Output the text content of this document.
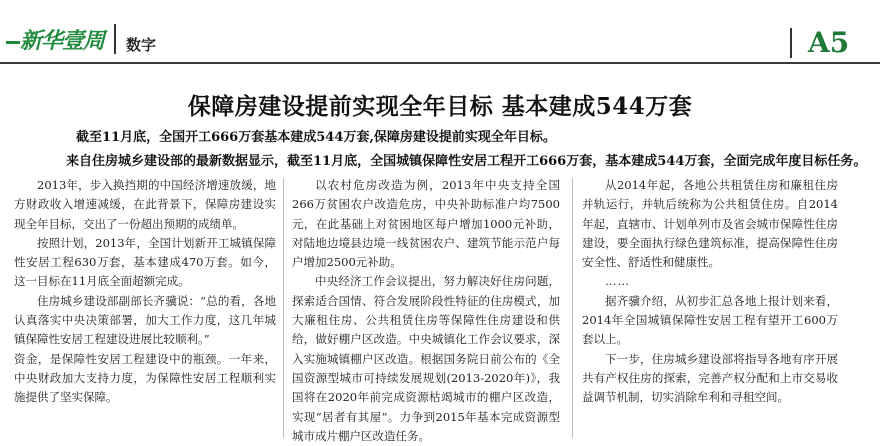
新华壹周 数字	A5
保障房建设提前实现全年目标 基本建成544万套
截至11月底，全国开工666万套基本建成544万套,保障房建设提前实现全年目标。
来自住房城乡建设部的最新数据显示，截至11月底，全国城镇保障性安居工程开工666万套，基本建成544万套，全面完成年度目标任务。

2013年，步入换挡期的中国经济增速放缓，地方财政收入增速减缓，在此背景下，保障房建设实现全年目标，交出了一份超出预期的成绩单。

按照计划，2013年，全国计划新开工城镇保障性安居工程630万套，基本建成470万套。如今，这一目标在11月底全面超额完成。

住房城乡建设部副部长齐骥说：“总的看，各地认真落实中央决策部署，加大工作力度，这几年城镇保障性安居工程建设进展比较顺利。”

资金，是保障性安居工程建设中的瓶颈。一年来，中央财政加大支持力度，为保障性安居工程顺利实施提供了坚实保障。

以农村危房改造为例，2013年中央支持全国266万贫困农户改造危房，中央补助标准户均7500元，在此基础上对贫困地区每户增加1000元补助，对陆地边境县边境一线贫困农户、建筑节能示范户每户增加2500元补助。

中央经济工作会议提出，努力解决好住房问题，探索适合国情、符合发展阶段性特征的住房模式，加大廉租住房、公共租赁住房等保障性住房建设和供给，做好棚户区改造。中央城镇化工作会议要求，深入实施城镇棚户区改造。根据国务院日前公布的《全国资源型城市可持续发展规划(2013-2020年)》，我国将在2020年前完成资源枯竭城市的棚户区改造，实现“居者有其屋”。力争到2015年基本完成资源型城市成片棚户区改造任务。

从2014年起，各地公共租赁住房和廉租住房并轨运行，并轨后统称为公共租赁住房。自2014年起，直辖市、计划单列市及省会城市保障性住房建设，要全面执行绿色建筑标准，提高保障性住房安全性、舒适性和健康性。

……

据齐骥介绍，从初步汇总各地上报计划来看，2014年全国城镇保障性安居工程有望开工600万套以上。

下一步，住房城乡建设部将指导各地有序开展共有产权住房的探索，完善产权分配和上市交易收益调节机制，切实消除牟利和寻租空间。
